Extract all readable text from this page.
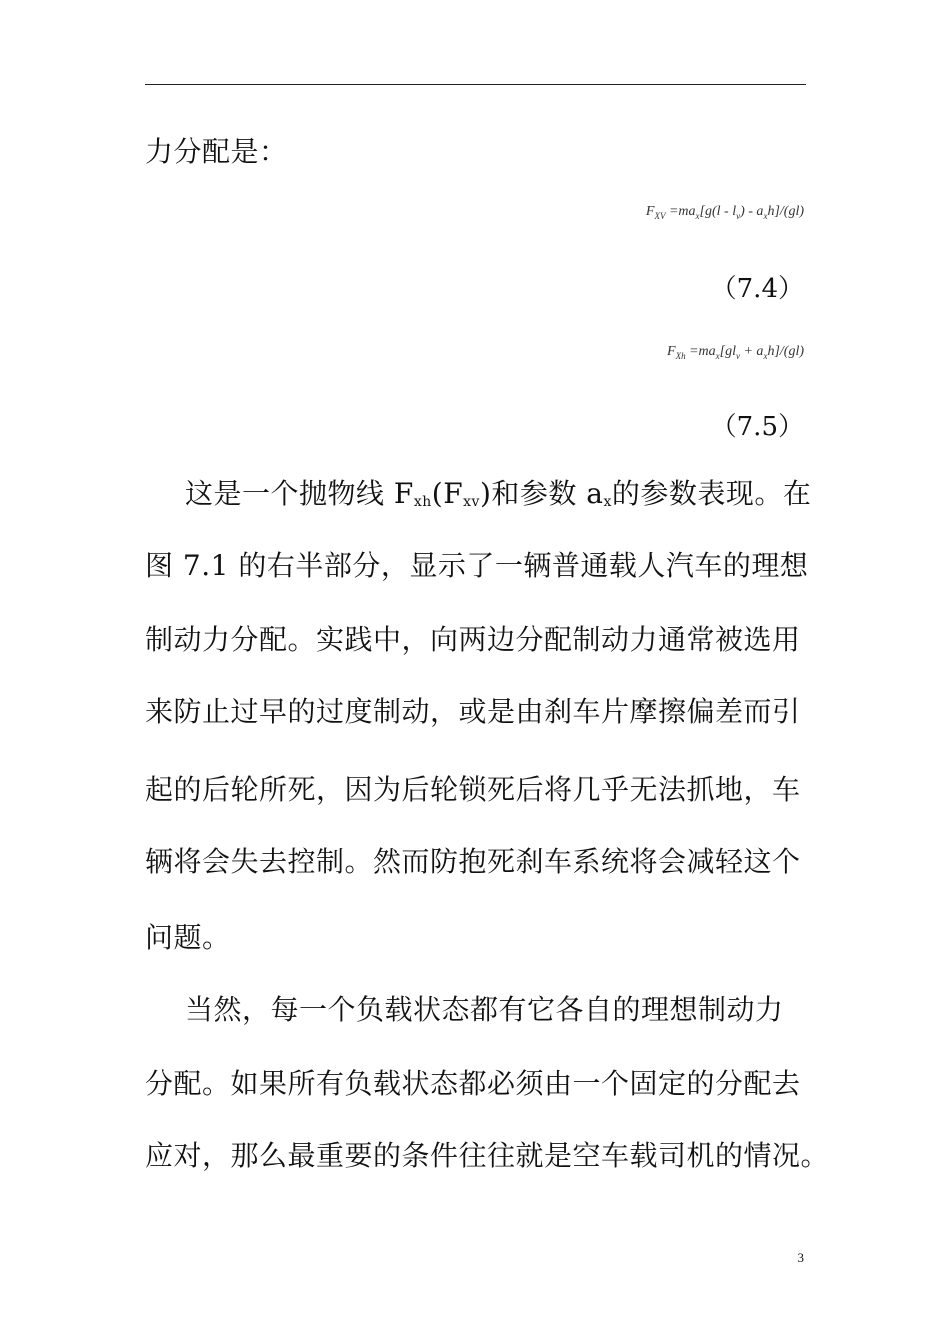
力分配是：
$F_{XV} =ma_x[g(l - l_v) - a_xh]/(gl)$
（7.4）
$F_{Xh} =ma_x[gl_v + a_xh]/(gl)$
（7.5）
这是一个抛物线 $F_{xh}(F_{xv})$和参数 $a_x$的参数表现。在
图 7.1 的右半部分，显示了一辆普通载人汽车的理想
制动力分配。实践中，向两边分配制动力通常被选用
来防止过早的过度制动，或是由刹车片摩擦偏差而引
起的后轮所死，因为后轮锁死后将几乎无法抓地，车
辆将会失去控制。然而防抱死刹车系统将会减轻这个
问题。
当然，每一个负载状态都有它各自的理想制动力
分配。如果所有负载状态都必须由一个固定的分配去
应对，那么最重要的条件往往就是空车载司机的情况。
3
